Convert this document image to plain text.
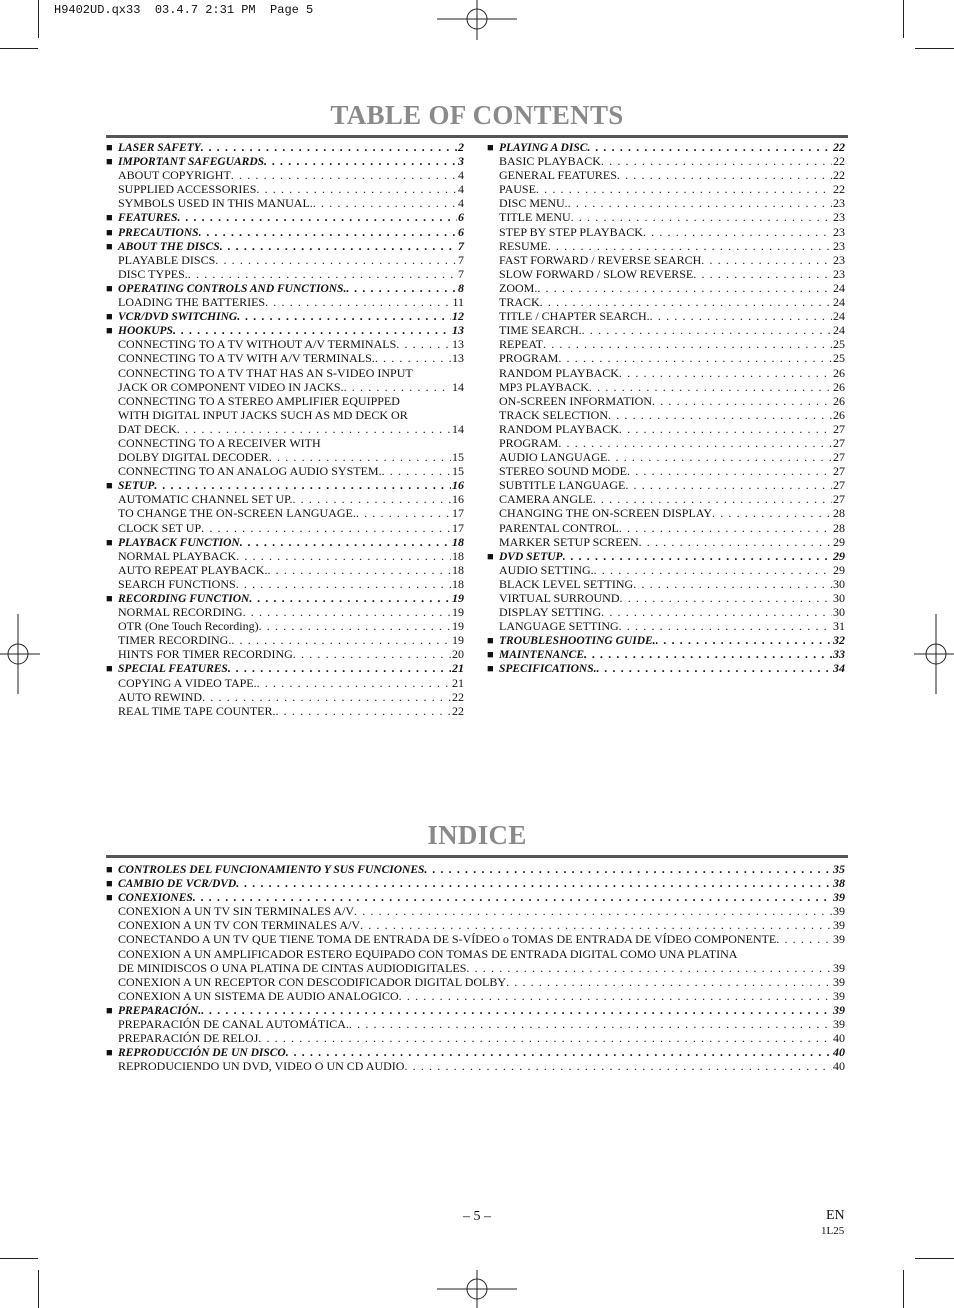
H9402UD.qx33  03.4.7 2:31 PM  Page 5
TABLE OF CONTENTS
■ LASER SAFETY . . .	2
■ IMPORTANT SAFEGUARDS . . .	3
ABOUT COPYRIGHT . . .	4
SUPPLIED ACCESSORIES . . .	4
SYMBOLS USED IN THIS MANUAL. . . .	4
■ FEATURES . . .	6
■ PRECAUTIONS . . .	6
■ ABOUT THE DISCS . . .	7
PLAYABLE DISCS . . .	7
DISC TYPES. . . .	7
■ OPERATING CONTROLS AND FUNCTIONS. . . .	8
LOADING THE BATTERIES . . .	11
■ VCR/DVD SWITCHING . . .	12
■ HOOKUPS . . .	13
CONNECTING TO A TV WITHOUT A/V TERMINALS . . .	13
CONNECTING TO A TV WITH A/V TERMINALS. . . .	13
CONNECTING TO A TV THAT HAS AN S-VIDEO INPUT
JACK OR COMPONENT VIDEO IN JACKS. . . .	14
CONNECTING TO A STEREO AMPLIFIER EQUIPPED
WITH DIGITAL INPUT JACKS SUCH AS MD DECK OR
DAT DECK . . .	14
CONNECTING TO A RECEIVER WITH
DOLBY DIGITAL DECODER . . .	15
CONNECTING TO AN ANALOG AUDIO SYSTEM. . . .	15
■ SETUP . . .	16
AUTOMATIC CHANNEL SET UP. . . .	16
TO CHANGE THE ON-SCREEN LANGUAGE. . . .	17
CLOCK SET UP . . .	17
■ PLAYBACK FUNCTION . . .	18
NORMAL PLAYBACK . . .	18
AUTO REPEAT PLAYBACK. . . .	18
SEARCH FUNCTIONS . . .	18
■ RECORDING FUNCTION . . .	19
NORMAL RECORDING . . .	19
OTR (One Touch Recording) . . .	19
TIMER RECORDING. . . .	19
HINTS FOR TIMER RECORDING . . .	20
■ SPECIAL FEATURES . . .	21
COPYING A VIDEO TAPE. . . .	21
AUTO REWIND . . .	22
REAL TIME TAPE COUNTER. . . .	22
■ PLAYING A DISC . . .	22
BASIC PLAYBACK . . .	22
GENERAL FEATURES . . .	22
PAUSE . . .	22
DISC MENU. . . .	23
TITLE MENU . . .	23
STEP BY STEP PLAYBACK . . .	23
RESUME . . .	23
FAST FORWARD / REVERSE SEARCH . . .	23
SLOW FORWARD / SLOW REVERSE . . .	23
ZOOM. . . .	24
TRACK . . .	24
TITLE / CHAPTER SEARCH. . . .	24
TIME SEARCH. . . .	24
REPEAT . . .	25
PROGRAM . . .	25
RANDOM PLAYBACK . . .	26
MP3 PLAYBACK . . .	26
ON-SCREEN INFORMATION . . .	26
TRACK SELECTION . . .	26
RANDOM PLAYBACK . . .	27
PROGRAM . . .	27
AUDIO LANGUAGE . . .	27
STEREO SOUND MODE . . .	27
SUBTITLE LANGUAGE . . .	27
CAMERA ANGLE . . .	27
CHANGING THE ON-SCREEN DISPLAY . . .	28
PARENTAL CONTROL . . .	28
MARKER SETUP SCREEN . . .	29
■ DVD SETUP . . .	29
AUDIO SETTING. . . .	29
BLACK LEVEL SETTING . . .	30
VIRTUAL SURROUND . . .	30
DISPLAY SETTING . . .	30
LANGUAGE SETTING . . .	31
■ TROUBLESHOOTING GUIDE. . . .	32
■ MAINTENANCE . . .	33
■ SPECIFICATIONS. . . .	34
INDICE
■ CONTROLES DEL FUNCIONAMIENTO Y SUS FUNCIONES . . .	35
■ CAMBIO DE VCR/DVD . . .	38
■ CONEXIONES . . .	39
CONEXION A UN TV SIN TERMINALES A/V . . .	39
CONEXION A UN TV CON TERMINALES A/V . . .	39
CONECTANDO A UN TV QUE TIENE TOMA DE ENTRADA DE S-VÍDEO o TOMAS DE ENTRADA DE VÍDEO COMPONENTE . . .	39
CONEXION A UN AMPLIFICADOR ESTERO EQUIPADO CON TOMAS DE ENTRADA DIGITAL COMO UNA PLATINA
DE MINIDISCOS O UNA PLATINA DE CINTAS AUDIODIGITALES . . .	39
CONEXION A UN RECEPTOR CON DESCODIFICADOR DIGITAL DOLBY . . .	39
CONEXION A UN SISTEMA DE AUDIO ANALOGICO . . .	39
■ PREPARACIÓN. . . .	39
PREPARACIÓN DE CANAL AUTOMÁTICA. . . .	39
PREPARACIÓN DE RELOJ . . .	40
■ REPRODUCCIÓN DE UN DISCO . . .	40
REPRODUCIENDO UN DVD, VIDEO O UN CD AUDIO . . .	40
– 5 –	EN
1L25
